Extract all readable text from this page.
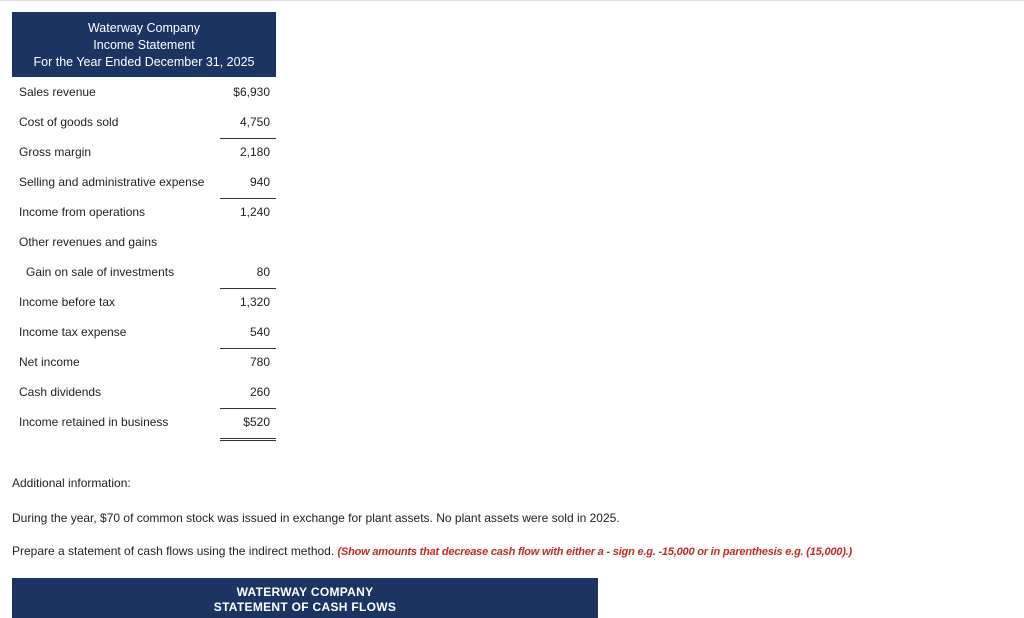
Waterway Company
Income Statement
For the Year Ended December 31, 2025
Sales revenue	$6,930
Cost of goods sold	4,750
Gross margin	2,180
Selling and administrative expense	940
Income from operations	1,240
Other revenues and gains
Gain on sale of investments	80
Income before tax	1,320
Income tax expense	540
Net income	780
Cash dividends	260
Income retained in business	$520
Additional information:
During the year, $70 of common stock was issued in exchange for plant assets. No plant assets were sold in 2025.
Prepare a statement of cash flows using the indirect method. (Show amounts that decrease cash flow with either a - sign e.g. -15,000 or in parenthesis e.g. (15,000).)
WATERWAY COMPANY
STATEMENT OF CASH FLOWS
